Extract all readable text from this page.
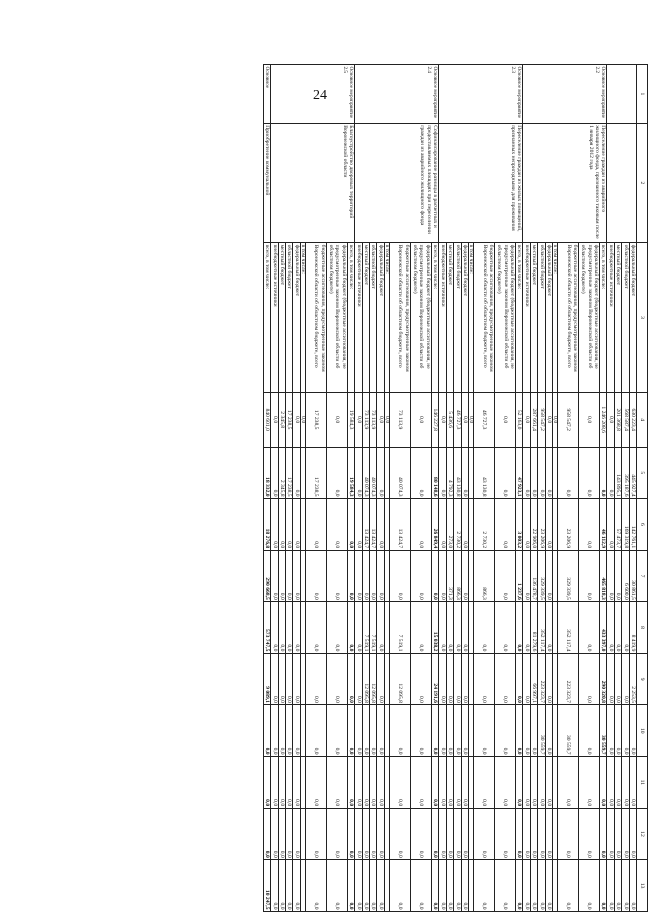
24	1	2	3	4	5	6	7	8	9	10	11	12	13
		федеральный бюджет	630 223,4	445 927,4	142 761,1	30 861,5	8 419,9	2 253,5	0,0	0,0	0,0	0,0
		областной бюджет	568 587,4	395 187,6	169 319,8	6 600,0	0,0	0,0	0,0	0,0	0,0	0,0
		местный бюджет	201 368,8	143 895,1	57 473,7	0,0	0,0	0,0	0,0	0,0	0,0	0,0
		внебюджетные источники	0,0	0,0	0,0	0,0	0,0	0,0	0,0	0,0	0,0	0,0
Основное мероприятие 2.2	Переселение граждан из аварийного жилищного фонда, признанного таковым после 1 января 2012 года	всего, в том числе:	1 246 208,6	0,0	46 112,9	465 818,3	433 397,0	290 320,8	30 559,7	0,0	0,0	0,0
		федеральный бюджет (бюджетные ассигнования, не предусмотренные законом Воронежской области об областном бюджете)	0,0	0,0	0,0	0,0	0,0	0,0	0,0	0,0	0,0	0,0
		бюджетные ассигнования, предусмотренные законом Воронежской области об областном бюджете, всего	958 547,2	0,0	23 206,9	329 339,5	352 117,4	223 323,7	30 559,7	0,0	0,0	0,0
		в том числе:	0,0									
		федеральный бюджет	0,0	0,0	0,0	0,0	0,0	0,0	0,0	0,0	0,0	0,0
		областной бюджет	958 547,2	0,0	23 206,9	329 339,5	352 117,4	223 323,7	30 559,7	0,0	0,0	0,0
		местный бюджет	287 661,4	0,0	22 906,0	136 478,7	81 279,6	66 997,1	0,0	0,0	0,0	0,0
		внебюджетные источники	0,0	0,0	0,0	0,0	0,0	0,0	0,0	0,0	0,0	0,0
Основное мероприятие 2.3	Переселение граждан из жилых помещений, признанных непригодными для проживания	всего, в том числе:	52 163,0	47 923,1	3 003,2	1 237,6	0,0	0,0	0,0	0,0	0,0	0,0
		федеральный бюджет (бюджетные ассигнования, не предусмотренные законом Воронежской области об областном бюджете)	0,0	0,0	0,0	0,0	0,0	0,0	0,0	0,0	0,0	0,0
		бюджетные ассигнования, предусмотренные законом Воронежской области об областном бюджете, всего	46 727,3	43 130,8	2 730,2	866,3	0,0	0,0	0,0	0,0	0,0	0,0
		в том числе:	0,0									
		федеральный бюджет	0,0	0,0	0,0	0,0	0,0	0,0	0,0	0,0	0,0	0,0
		областной бюджет	46 727,3	43 130,8	2 730,2	866,3	0,0	0,0	0,0	0,0	0,0	0,0
		местный бюджет	5 436,6	4 792,3	273,0	371,3	0,0	0,0	0,0	0,0	0,0	0,0
		внебюджетные источники	0,0	0,0	0,0	0,0	0,0	0,0	0,0	0,0	0,0	0,0
Основное мероприятие 2.4	Софинансирование разницы в расчетных и предоставляемых площадях при переселении граждан из аварийного жилищного фонда	всего, в том числе:	146 227,8	80 148,6	26 849,4	0,0	15 038,2	24 191,6	0,0	0,0	0,0	0,0
		федеральный бюджет (бюджетные ассигнования, не предусмотренные законом Воронежской области об областном бюджете)	0,0	0,0	0,0	0,0	0,0	0,0	0,0	0,0	0,0	0,0
		бюджетные ассигнования, предусмотренные законом Воронежской области об областном бюджете, всего	73 113,9	40 074,3	13 424,7	0,0	7 519,1	12 095,8	0,0	0,0	0,0	0,0
		в том числе:	0,0									
		федеральный бюджет	0,0	0,0	0,0	0,0	0,0	0,0	0,0	0,0	0,0	0,0
		областной бюджет	73 113,9	40 074,3	13 424,7	0,0	7 519,1	12 095,8	0,0	0,0	0,0	0,0
		местный бюджет	73 113,9	40 074,3	13 424,7	0,0	7 519,1	12 095,8	0,0	0,0	0,0	0,0
		внебюджетные источники	0,0	0,0	0,0	0,0	0,0	0,0	0,0	0,0	0,0	0,0
Основное мероприятие 2.5	Благоустройство дворовых территорий Воронежской области	всего, в том числе:	19 584,3	19 584,3	0,0	0,0	0,0	0,0	0,0	0,0	0,0	0,0
		федеральный бюджет (бюджетные ассигнования, не предусмотренные законом Воронежской области об областном бюджете)	0,0	0,0	0,0	0,0	0,0	0,0	0,0	0,0	0,0	0,0
		бюджетные ассигнования, предусмотренные законом Воронежской области об областном бюджете, всего	17 238,5	17 238,5	0,0	0,0	0,0	0,0	0,0	0,0	0,0	0,0
		в том числе:	0,0									
		федеральный бюджет	0,0	0,0	0,0	0,0	0,0	0,0	0,0	0,0	0,0	0,0
		областной бюджет	17 238,5	17 238,5	0,0	0,0	0,0	0,0	0,0	0,0	0,0	0,0
		местный бюджет	2 345,8	2 345,8	0,0	0,0	0,0	0,0	0,0	0,0	0,0	0,0
		внебюджетные источники	0,0	0,0	0,0	0,0	0,0	0,0	0,0	0,0	0,0	0,0
Основное	Приобретение коммунальной	всего, в том числе:	840 601,0	18 332,0	18 276,8	290 668,5	573 747,5	9 089,1	0,0	0,0	0,0	10 247,5
